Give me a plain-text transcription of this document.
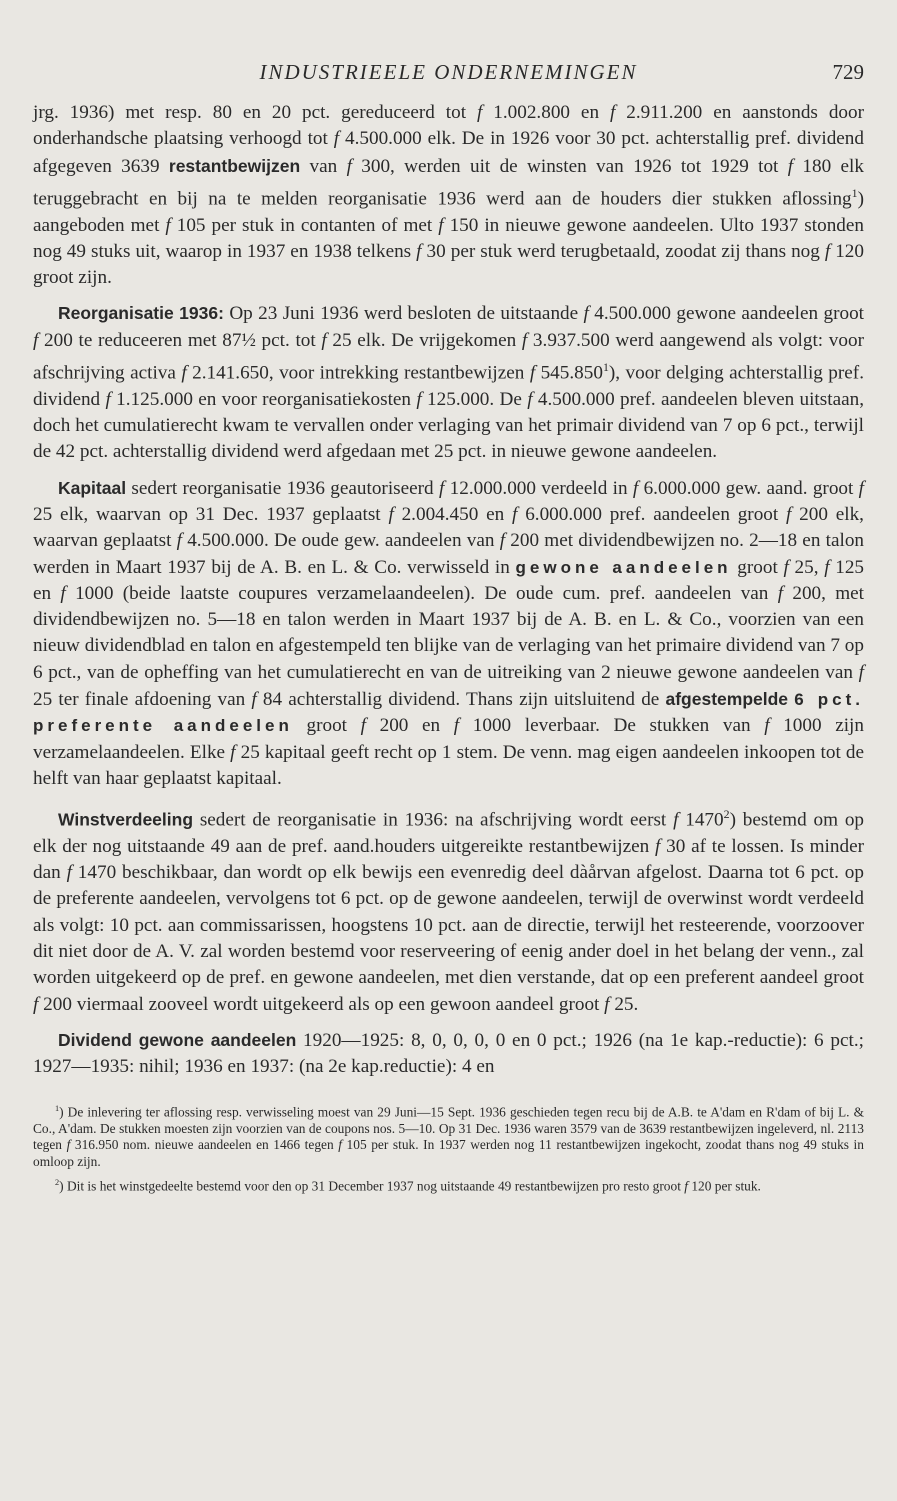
INDUSTRIEELE ONDERNEMINGEN	729

jrg. 1936) met resp. 80 en 20 pct. gereduceerd tot f 1.002.800 en f 2.911.200 en aanstonds door onderhandsche plaatsing verhoogd tot f 4.500.000 elk. De in 1926 voor 30 pct. achterstallig pref. dividend afgegeven 3639 restantbewijzen van f 300, werden uit de winsten van 1926 tot 1929 tot f 180 elk teruggebracht en bij na te melden reorganisatie 1936 werd aan de houders dier stukken aflossing$^1$) aangeboden met f 105 per stuk in contanten of met f 150 in nieuwe gewone aandeelen. Ulto 1937 stonden nog 49 stuks uit, waarop in 1937 en 1938 telkens f 30 per stuk werd terugbetaald, zoodat zij thans nog f 120 groot zijn.

Reorganisatie 1936: Op 23 Juni 1936 werd besloten de uitstaande f 4.500.000 gewone aandeelen groot f 200 te reduceeren met 87½ pct. tot f 25 elk. De vrijgekomen f 3.937.500 werd aangewend als volgt: voor afschrijving activa f 2.141.650, voor intrekking restantbewijzen f 545.850$^1$), voor delging achterstallig pref. dividend f 1.125.000 en voor reorganisatiekosten f 125.000. De f 4.500.000 pref. aandeelen bleven uitstaan, doch het cumulatierecht kwam te vervallen onder verlaging van het primair dividend van 7 op 6 pct., terwijl de 42 pct. achterstallig dividend werd afgedaan met 25 pct. in nieuwe gewone aandeelen.

Kapitaal sedert reorganisatie 1936 geautoriseerd f 12.000.000 verdeeld in f 6.000.000 gew. aand. groot f 25 elk, waarvan op 31 Dec. 1937 geplaatst f 2.004.450 en f 6.000.000 pref. aandeelen groot f 200 elk, waarvan geplaatst f 4.500.000. De oude gew. aandeelen van f 200 met dividendbewijzen no. 2—18 en talon werden in Maart 1937 bij de A. B. en L. & Co. verwisseld in gewone aandeelen groot f 25, f 125 en f 1000 (beide laatste coupures verzamelaandeelen). De oude cum. pref. aandeelen van f 200, met dividendbewijzen no. 5—18 en talon werden in Maart 1937 bij de A. B. en L. & Co., voorzien van een nieuw dividendblad en talon en afgestempeld ten blijke van de verlaging van het primaire dividend van 7 op 6 pct., van de opheffing van het cumulatierecht en van de uitreiking van 2 nieuwe gewone aandeelen van f 25 ter finale afdoening van f 84 achterstallig dividend. Thans zijn uitsluitend de afgestempelde 6 pct. preferente aandeelen groot f 200 en f 1000 leverbaar. De stukken van f 1000 zijn verzamelaandeelen. Elke f 25 kapitaal geeft recht op 1 stem. De venn. mag eigen aandeelen inkoopen tot de helft van haar geplaatst kapitaal.

Winstverdeeling sedert de reorganisatie in 1936: na afschrijving wordt eerst f 1470$^2$) bestemd om op elk der nog uitstaande 49 aan de pref. aand.houders uitgereikte restantbewijzen f 30 af te lossen. Is minder dan f 1470 beschikbaar, dan wordt op elk bewijs een evenredig deel dàårvan afgelost. Daarna tot 6 pct. op de preferente aandeelen, vervolgens tot 6 pct. op de gewone aandeelen, terwijl de overwinst wordt verdeeld als volgt: 10 pct. aan commissarissen, hoogstens 10 pct. aan de directie, terwijl het resteerende, voorzoover dit niet door de A. V. zal worden bestemd voor reserveering of eenig ander doel in het belang der venn., zal worden uitgekeerd op de pref. en gewone aandeelen, met dien verstande, dat op een preferent aandeel groot f 200 viermaal zooveel wordt uitgekeerd als op een gewoon aandeel groot f 25.

Dividend gewone aandeelen 1920—1925: 8, 0, 0, 0, 0 en 0 pct.; 1926 (na 1e kap.-reductie): 6 pct.; 1927—1935: nihil; 1936 en 1937: (na 2e kap.reductie): 4 en

$^1$) De inlevering ter aflossing resp. verwisseling moest van 29 Juni—15 Sept. 1936 geschieden tegen recu bij de A.B. te A'dam en R'dam of bij L. & Co., A'dam. De stukken moesten zijn voorzien van de coupons nos. 5—10. Op 31 Dec. 1936 waren 3579 van de 3639 restantbewijzen ingeleverd, nl. 2113 tegen f 316.950 nom. nieuwe aandeelen en 1466 tegen f 105 per stuk. In 1937 werden nog 11 restantbewijzen ingekocht, zoodat thans nog 49 stuks in omloop zijn.

$^2$) Dit is het winstgedeelte bestemd voor den op 31 December 1937 nog uitstaande 49 restantbewijzen pro resto groot f 120 per stuk.
